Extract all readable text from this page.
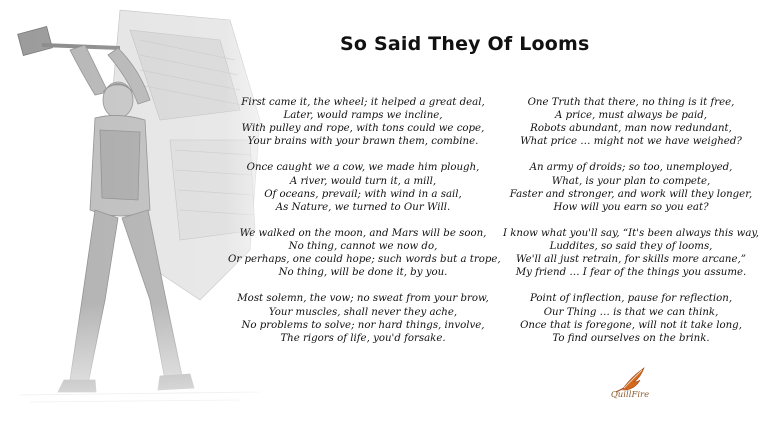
So Said They Of Looms
First came it, the wheel; it helped a great deal,
Later, would ramps we incline,
With pulley and rope, with tons could we cope,
Your brains with your brawn them, combine.
Once caught we a cow, we made him plough,
A river, would turn it, a mill,
Of oceans, prevail; with wind in a sail,
As Nature, we turned to Our Will.
We walked on the moon, and Mars will be soon,
No thing, cannot we now do,
Or perhaps, one could hope; such words but a trope,
No thing, will be done it, by you.
Most solemn, the vow; no sweat from your brow,
Your muscles, shall never they ache,
No problems to solve; nor hard things, involve,
The rigors of life, you'd forsake.
One Truth that there, no thing is it free,
A price, must always be paid,
Robots abundant, man now redundant,
What price … might not we have weighed?
An army of droids; so too, unemployed,
What, is your plan to compete,
Faster and stronger, and work will they longer,
How will you earn so you eat?
I know what you'll say, “It's been always this way,
Luddites, so said they of looms,
We'll all just retrain, for skills more arcane,”
My friend … I fear of the things you assume.
Point of inflection, pause for reflection,
Our Thing … is that we can think,
Once that is foregone, will not it take long,
To find ourselves on the brink.
QuillFire
